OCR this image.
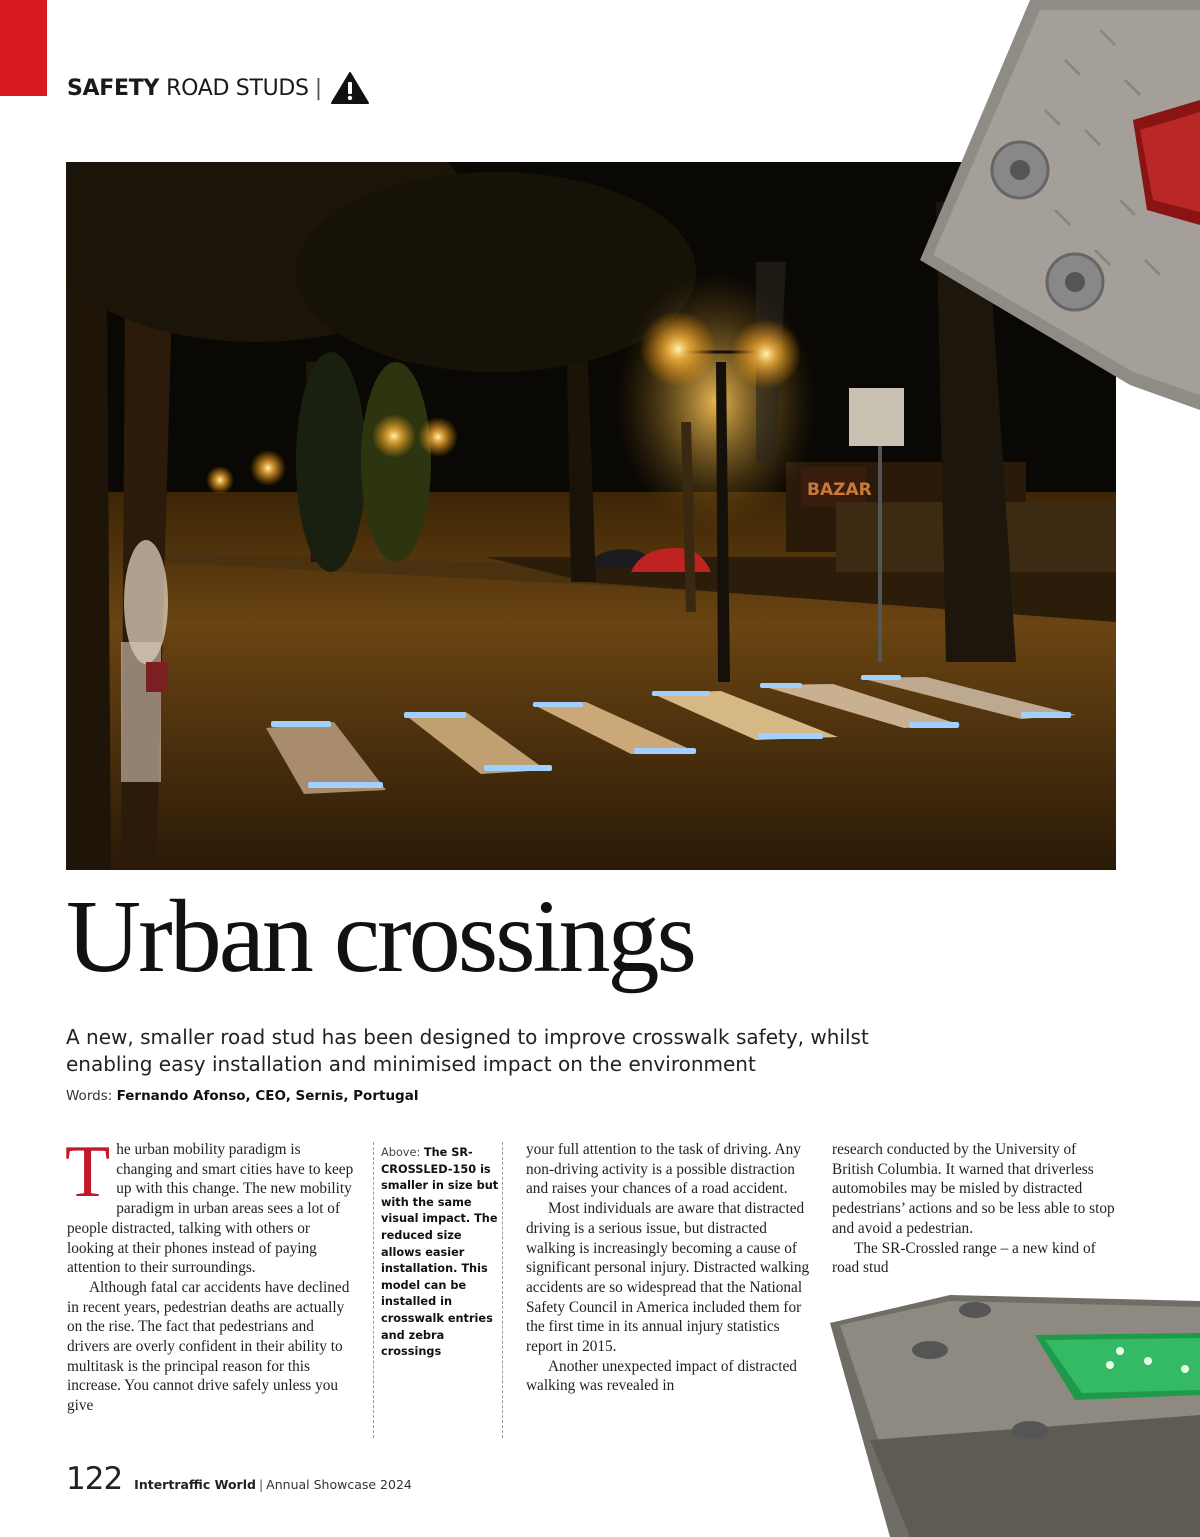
SAFETY ROAD STUDS |
BAZAR
Urban crossings

A new, smaller road stud has been designed to improve crosswalk safety, whilst enabling easy installation and minimised impact on the environment

Words: Fernando Afonso, CEO, Sernis, Portugal
T he urban mobility paradigm is changing and smart cities have to keep up with this change. The new mobility paradigm in urban areas sees a lot of people distracted, talking with others or looking at their phones instead of paying attention to their surroundings.

Although fatal car accidents have declined in recent years, pedestrian deaths are actually on the rise. The fact that pedestrians and drivers are overly confident in their ability to multitask is the principal reason for this increase. You cannot drive safely unless you give

Above: The SR-CROSSLED-150 is smaller in size but with the same visual impact. The reduced size allows easier installation. This model can be installed in crosswalk entries and zebra crossings

your full attention to the task of driving. Any non-driving activity is a possible distraction and raises your chances of a road accident.

Most individuals are aware that distracted driving is a serious issue, but distracted walking is increasingly becoming a cause of significant personal injury. Distracted walking accidents are so widespread that the National Safety Council in America included them for the first time in its annual injury statistics report in 2015.

Another unexpected impact of distracted walking was revealed in

research conducted by the University of British Columbia. It warned that driverless automobiles may be misled by distracted pedestrians’ actions and so be less able to stop and avoid a pedestrian.

The SR-Crossled range – a new kind of road stud

122 Intertraffic World | Annual Showcase 2024
